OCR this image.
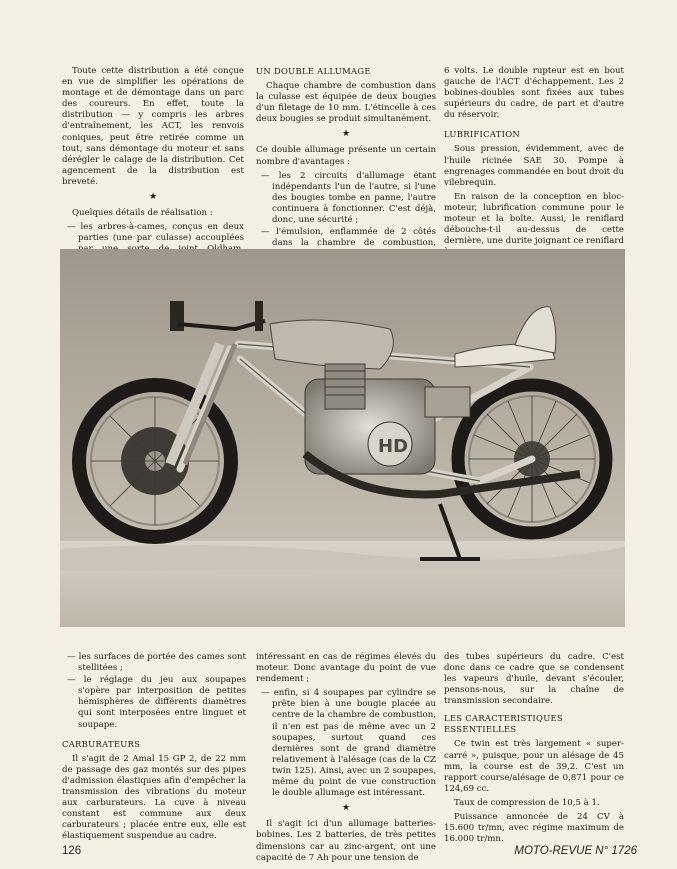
Toute cette distribution a été conçue en vue de simplifier les opérations de montage et de démontage dans un parc des coureurs. En effet, toute la distribution — y compris les arbres d'entraînement, les ACT, les renvois coniques, peut être retirée comme un tout, sans démontage du moteur et sans dérégler le calage de la distribution. Cet agencement de la distribution est breveté.

★

Quelques détails de réalisation :

— les arbres-à-cames, conçus en deux parties (une par culasse) accouplées
UN DOUBLE ALLUMAGE

Chaque chambre de combustion dans la culasse est équipée de deux bougies d'un filetage de 10 mm. L'étincelle à ces deux bougies se produit simultanément.

★

Ce double allumage présente un certain nombre d'avantages :

— les 2 circuits d'allumage étant indépendants l'un de l'autre, si l'une des bougies tombe en panne, l'autre continuera à fonctionner. C'est déjà, donc, une sécurité ;
— l'émulsion, enflammée de 2 côtés dans la chambre de combustion,

6 volts. Le double rupteur est en bout gauche de l'ACT d'échappement. Les 2 bobines-doubles sont fixées aux tubes supérieurs du cadre, de part et d'autre du réservoir.

LUBRIFICATION

Sous pression, évidemment, avec de l'huile ricinée SAE 30. Pompe à engrenages commandée en bout droit du vilebrequin.

En raison de la conception en bloc-moteur, lubrification commune pour le moteur et la boîte. Aussi, le reniflard débouche-t-il au-dessus de cette dernière, une durite joignant ce reniflard

HD
— les surfaces de portée des cames sont stellitées ;
— le réglage du jeu aux soupapes s'opère par interposition de petites hémisphères de différents diamètres qui sont interposées entre linguet et soupape.
CARBURATEURS

Il s'agit de 2 Amal 15 GP 2, de 22 mm de passage des gaz montés sur des pipes d'admission élastiques afin d'empêcher la transmission des vibrations du moteur aux carburateurs. La cuve à niveau constant est commune aux deux carburateurs ; placée entre eux, elle est élastiquement suspendue au cadre.

intéressant en cas de régimes élevés du moteur. Donc avantage du point de vue rendement ;

— enfin, si 4 soupapes par cylindre se prête bien à une bougie placée au centre de la chambre de combustion, il n'en est pas de même avec un 2 soupapes, surtout quand ces dernières sont de grand diamètre relativement à l'alésage (cas de la CZ twin 125). Ainsi, avec un 2 soupapes, même du point de vue construction le double allumage est intéressant.
★

Il s'agit ici d'un allumage batteries-bobines. Les 2 batteries, de très petites dimensions car au zinc-argent, ont une capacité de 7 Ah pour une tension de

des tubes supérieurs du cadre. C'est donc dans ce cadre que se condensent les vapeurs d'huile, devant s'écouler, pensons-nous, sur la chaîne de transmission secondaire.

LES CARACTERISTIQUES ESSENTIELLES

Ce twin est très largement « super-carré », puisque, pour un alésage de 45 mm, la course est de 39,2. C'est un rapport course/alésage de 0,871 pour ce 124,69 cc.

Taux de compression de 10,5 à 1.

Puissance annoncée de 24 CV à 15.600 tr/mn, avec régime maximum de 16.000 tr/mn.

126	MOTO-REVUE N° 1726
